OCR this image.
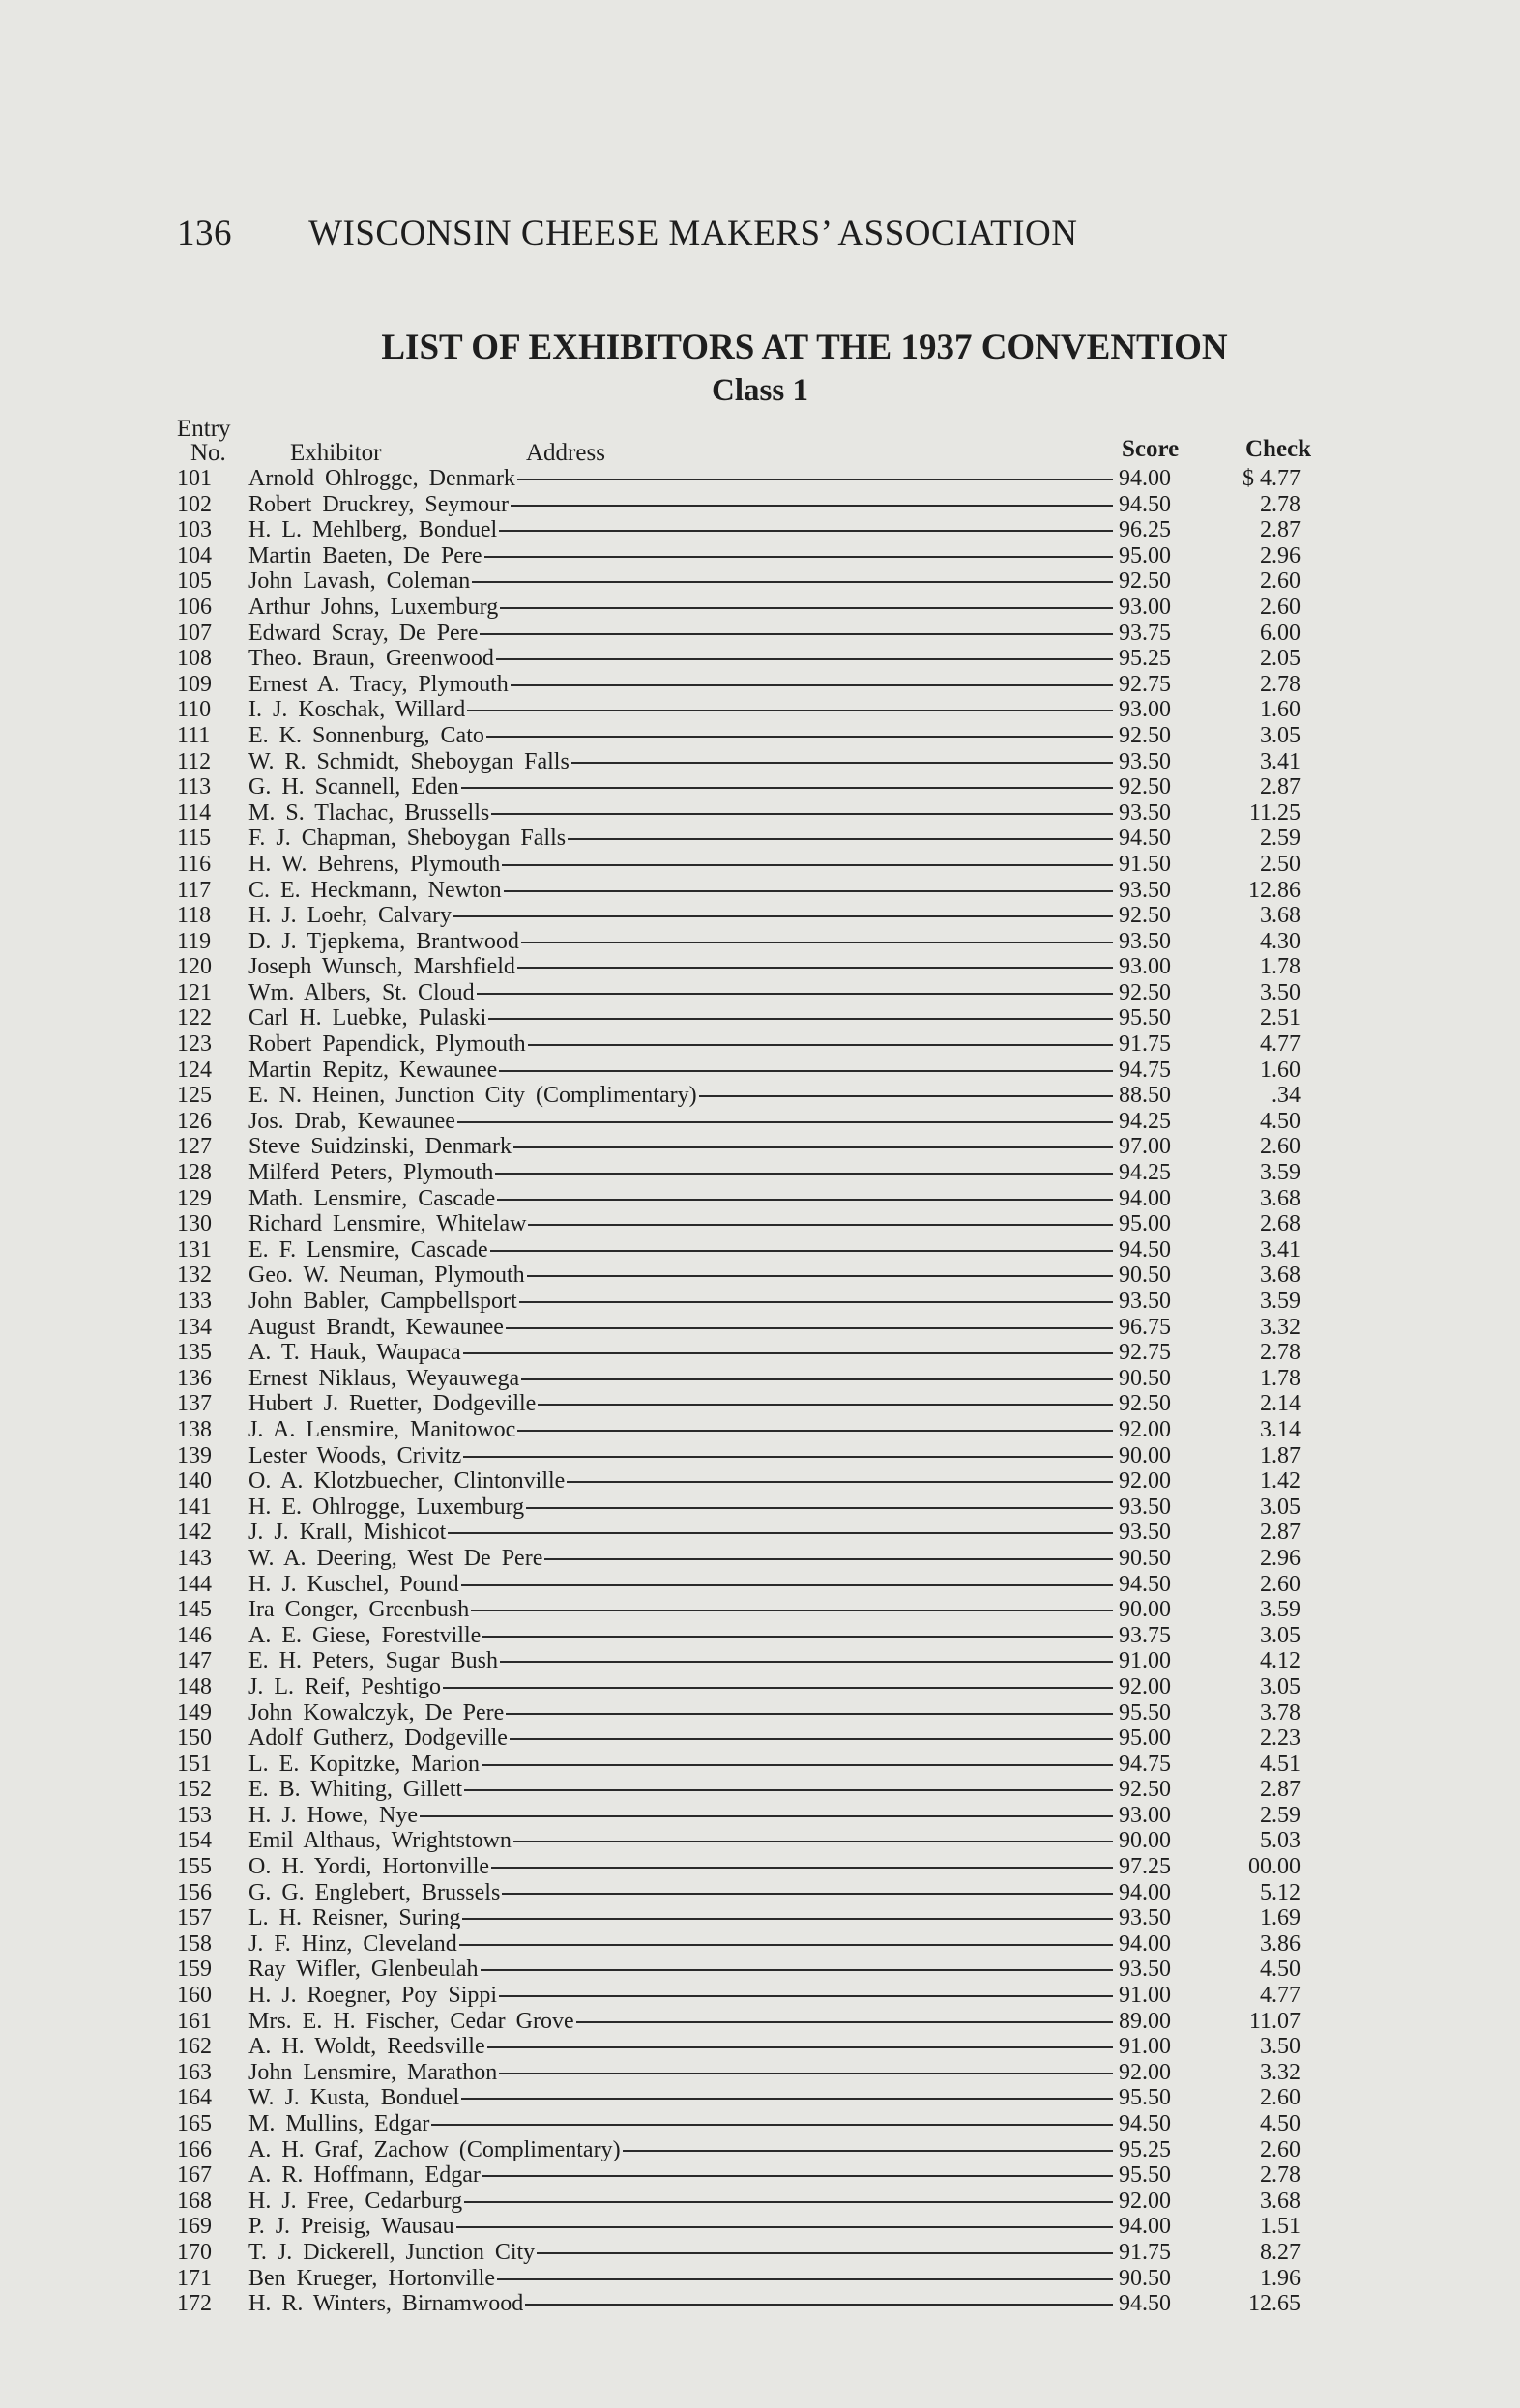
136 WISCONSIN CHEESE MAKERS’ ASSOCIATION
LIST OF EXHIBITORS AT THE 1937 CONVENTION
Class 1
Entry
No.	Exhibitor	Address	Score	Check
101	Arnold Ohlrogge, Denmark	94.00	$ 4.77
102	Robert Druckrey, Seymour	94.50	2.78
103	H. L. Mehlberg, Bonduel	96.25	2.87
104	Martin Baeten, De Pere	95.00	2.96
105	John Lavash, Coleman	92.50	2.60
106	Arthur Johns, Luxemburg	93.00	2.60
107	Edward Scray, De Pere	93.75	6.00
108	Theo. Braun, Greenwood	95.25	2.05
109	Ernest A. Tracy, Plymouth	92.75	2.78
110	I. J. Koschak, Willard	93.00	1.60
111	E. K. Sonnenburg, Cato	92.50	3.05
112	W. R. Schmidt, Sheboygan Falls	93.50	3.41
113	G. H. Scannell, Eden	92.50	2.87
114	M. S. Tlachac, Brussells	93.50	11.25
115	F. J. Chapman, Sheboygan Falls	94.50	2.59
116	H. W. Behrens, Plymouth	91.50	2.50
117	C. E. Heckmann, Newton	93.50	12.86
118	H. J. Loehr, Calvary	92.50	3.68
119	D. J. Tjepkema, Brantwood	93.50	4.30
120	Joseph Wunsch, Marshfield	93.00	1.78
121	Wm. Albers, St. Cloud	92.50	3.50
122	Carl H. Luebke, Pulaski	95.50	2.51
123	Robert Papendick, Plymouth	91.75	4.77
124	Martin Repitz, Kewaunee	94.75	1.60
125	E. N. Heinen, Junction City (Complimentary)	88.50	.34
126	Jos. Drab, Kewaunee	94.25	4.50
127	Steve Suidzinski, Denmark	97.00	2.60
128	Milferd Peters, Plymouth	94.25	3.59
129	Math. Lensmire, Cascade	94.00	3.68
130	Richard Lensmire, Whitelaw	95.00	2.68
131	E. F. Lensmire, Cascade	94.50	3.41
132	Geo. W. Neuman, Plymouth	90.50	3.68
133	John Babler, Campbellsport	93.50	3.59
134	August Brandt, Kewaunee	96.75	3.32
135	A. T. Hauk, Waupaca	92.75	2.78
136	Ernest Niklaus, Weyauwega	90.50	1.78
137	Hubert J. Ruetter, Dodgeville	92.50	2.14
138	J. A. Lensmire, Manitowoc	92.00	3.14
139	Lester Woods, Crivitz	90.00	1.87
140	O. A. Klotzbuecher, Clintonville	92.00	1.42
141	H. E. Ohlrogge, Luxemburg	93.50	3.05
142	J. J. Krall, Mishicot	93.50	2.87
143	W. A. Deering, West De Pere	90.50	2.96
144	H. J. Kuschel, Pound	94.50	2.60
145	Ira Conger, Greenbush	90.00	3.59
146	A. E. Giese, Forestville	93.75	3.05
147	E. H. Peters, Sugar Bush	91.00	4.12
148	J. L. Reif, Peshtigo	92.00	3.05
149	John Kowalczyk, De Pere	95.50	3.78
150	Adolf Gutherz, Dodgeville	95.00	2.23
151	L. E. Kopitzke, Marion	94.75	4.51
152	E. B. Whiting, Gillett	92.50	2.87
153	H. J. Howe, Nye	93.00	2.59
154	Emil Althaus, Wrightstown	90.00	5.03
155	O. H. Yordi, Hortonville	97.25	00.00
156	G. G. Englebert, Brussels	94.00	5.12
157	L. H. Reisner, Suring	93.50	1.69
158	J. F. Hinz, Cleveland	94.00	3.86
159	Ray Wifler, Glenbeulah	93.50	4.50
160	H. J. Roegner, Poy Sippi	91.00	4.77
161	Mrs. E. H. Fischer, Cedar Grove	89.00	11.07
162	A. H. Woldt, Reedsville	91.00	3.50
163	John Lensmire, Marathon	92.00	3.32
164	W. J. Kusta, Bonduel	95.50	2.60
165	M. Mullins, Edgar	94.50	4.50
166	A. H. Graf, Zachow (Complimentary)	95.25	2.60
167	A. R. Hoffmann, Edgar	95.50	2.78
168	H. J. Free, Cedarburg	92.00	3.68
169	P. J. Preisig, Wausau	94.00	1.51
170	T. J. Dickerell, Junction City	91.75	8.27
171	Ben Krueger, Hortonville	90.50	1.96
172	H. R. Winters, Birnamwood	94.50	12.65
